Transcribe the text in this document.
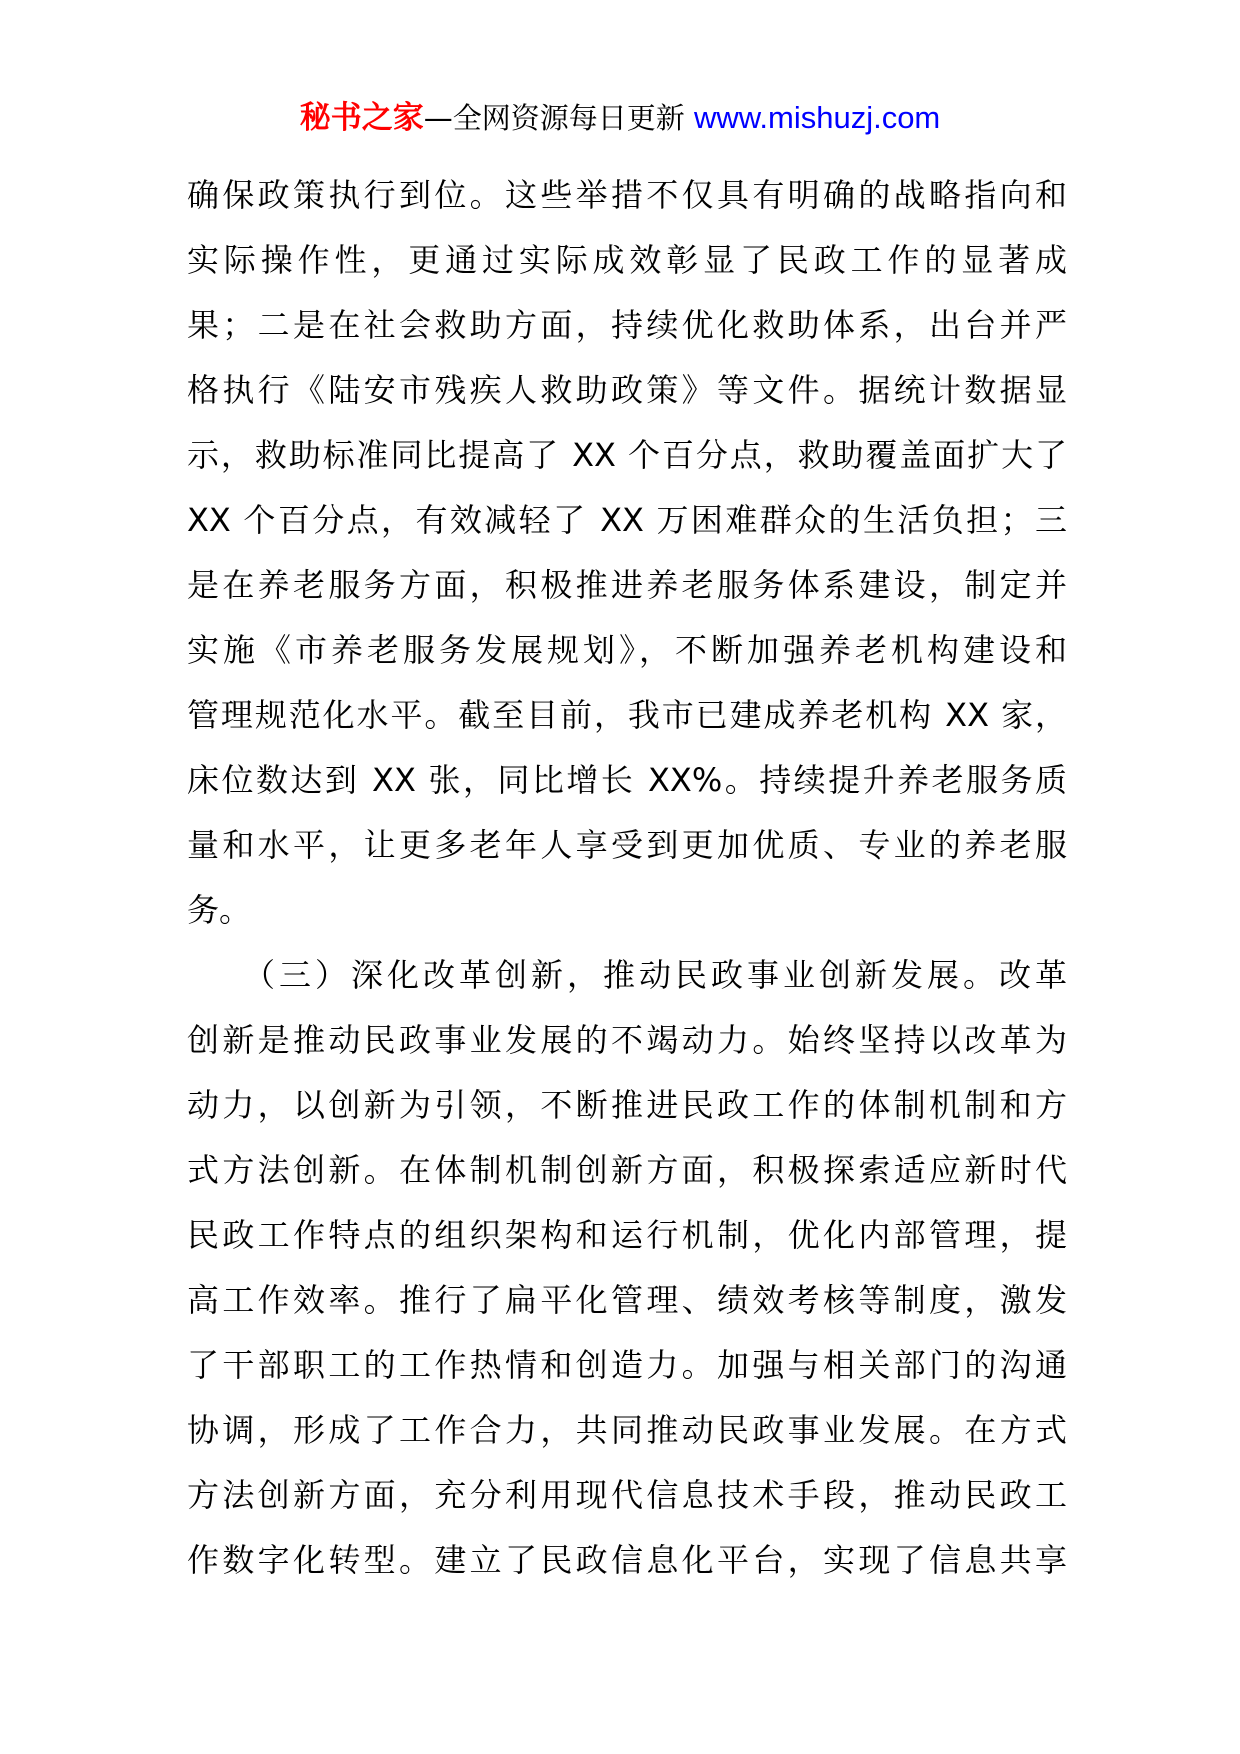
秘书之家—全网资源每日更新 www.mishuzj.com
确保政策执行到位。这些举措不仅具有明确的战略指向和
实际操作性，更通过实际成效彰显了民政工作的显著成
果；二是在社会救助方面，持续优化救助体系，出台并严
格执行《陆安市残疾人救助政策》等文件。据统计数据显
示，救助标准同比提高了 XX 个百分点，救助覆盖面扩大了
XX 个百分点，有效减轻了 XX 万困难群众的生活负担；三
是在养老服务方面，积极推进养老服务体系建设，制定并
实施《市养老服务发展规划》，不断加强养老机构建设和
管理规范化水平。截至目前，我市已建成养老机构 XX 家，
床位数达到 XX 张，同比增长 XX%。持续提升养老服务质
量和水平，让更多老年人享受到更加优质、专业的养老服
务。
　　（三）深化改革创新，推动民政事业创新发展。改革
创新是推动民政事业发展的不竭动力。始终坚持以改革为
动力，以创新为引领，不断推进民政工作的体制机制和方
式方法创新。在体制机制创新方面，积极探索适应新时代
民政工作特点的组织架构和运行机制，优化内部管理，提
高工作效率。推行了扁平化管理、绩效考核等制度，激发
了干部职工的工作热情和创造力。加强与相关部门的沟通
协调，形成了工作合力，共同推动民政事业发展。在方式
方法创新方面，充分利用现代信息技术手段，推动民政工
作数字化转型。建立了民政信息化平台，实现了信息共享
